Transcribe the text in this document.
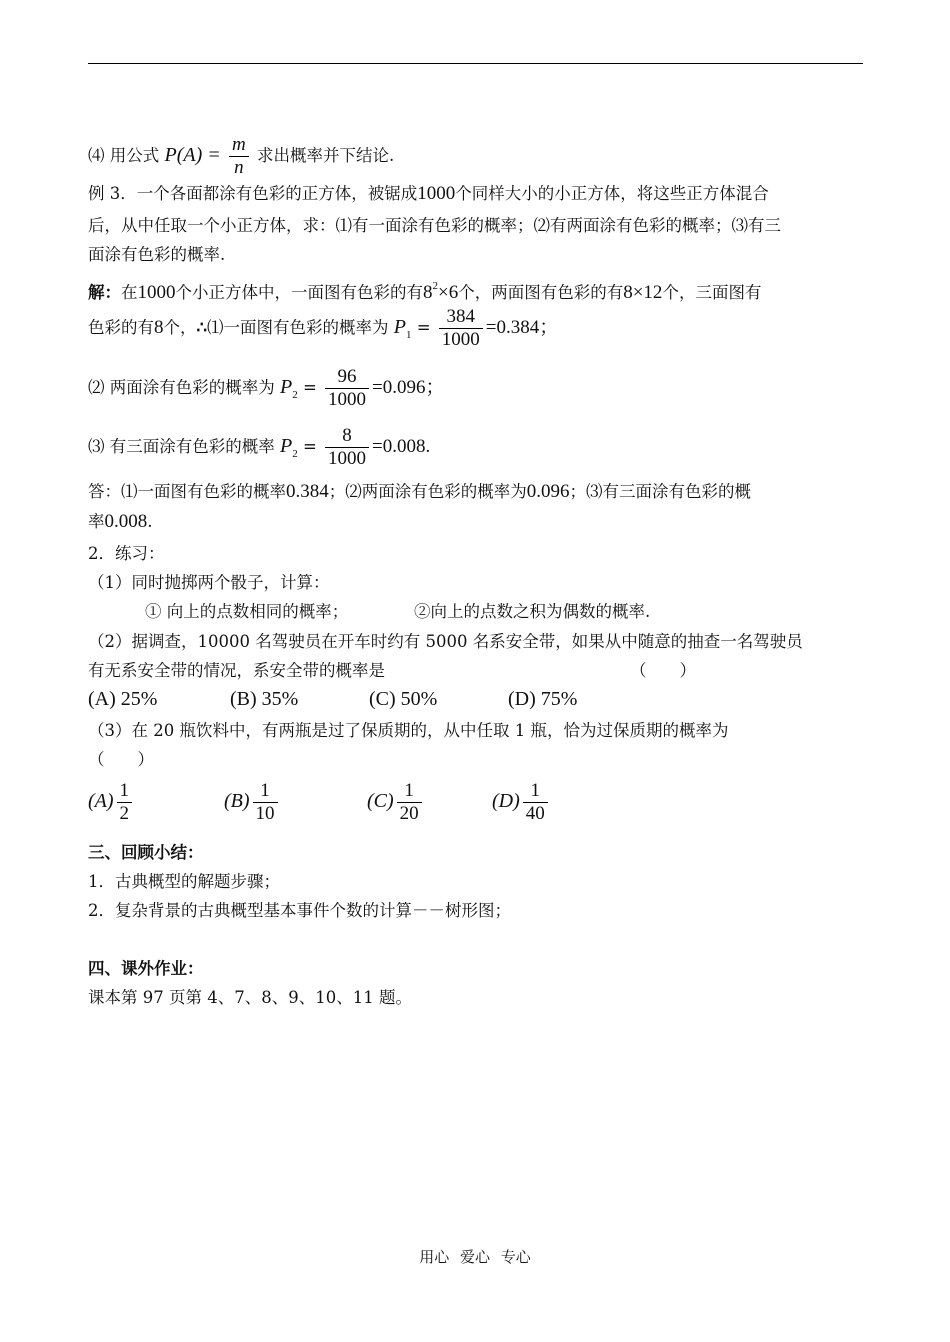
⑷ 用公式 $P(A) = \frac{m}{n}$ 求出概率并下结论.
例 3．一个各面都涂有色彩的正方体，被锯成1000个同样大小的小正方体，将这些正方体混合
后，从中任取一个小正方体，求：⑴有一面涂有色彩的概率；⑵有两面涂有色彩的概率；⑶有三
面涂有色彩的概率.
解：在1000个小正方体中，一面图有色彩的有$8^2\times 6$个，两面图有色彩的有8×12个，三面图有
色彩的有8个，∴⑴一面图有色彩的概率为 $P_1 = \frac{384}{1000} =0.384$；
⑵ 两面涂有色彩的概率为 $P_2 = \frac{96}{1000} =0.096$；
⑶ 有三面涂有色彩的概率 $P_2 = \frac{8}{1000} =0.008$.
答：⑴一面图有色彩的概率0.384；⑵两面涂有色彩的概率为0.096；⑶有三面涂有色彩的概
率0.008.
2．练习：
（1）同时抛掷两个骰子，计算：
① 向上的点数相同的概率；	②向上的点数之积为偶数的概率.
（2）据调查，10000 名驾驶员在开车时约有 5000 名系安全带，如果从中随意的抽查一名驾驶员
有无系安全带的情况，系安全带的概率是	（　　）
(A) 25%	(B) 35%	(C) 50%	(D) 75%
（3）在 20 瓶饮料中，有两瓶是过了保质期的，从中任取 1 瓶，恰为过保质期的概率为
（　　）
$(A) \frac{1}{2}$	$(B) \frac{1}{10}$	$(C) \frac{1}{20}$	$(D) \frac{1}{40}$
三、回顾小结：
1．古典概型的解题步骤；
2．复杂背景的古典概型基本事件个数的计算－－树形图；
四、课外作业：
课本第 97 页第 4、7、8、9、10、11 题。
用心 爱心 专心
